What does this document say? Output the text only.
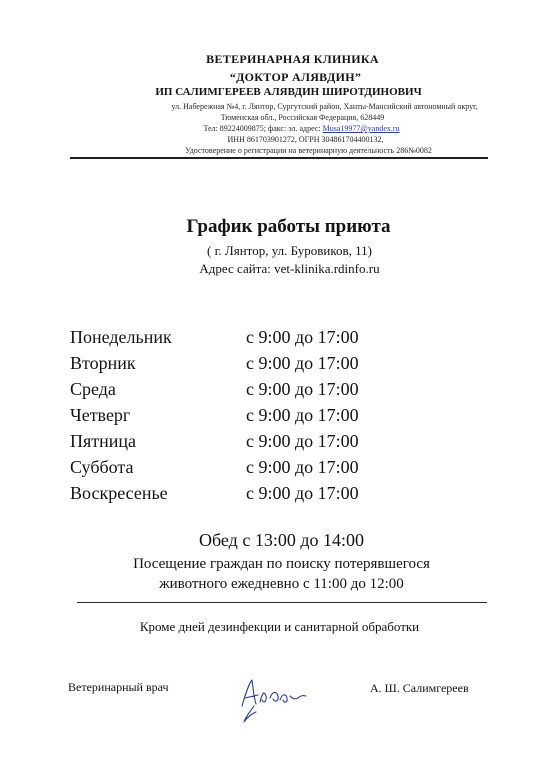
ВЕТЕРИНАРНАЯ КЛИНИКА
“ДОКТОР АЛЯВДИН”
ИП САЛИМГЕРЕЕВ АЛЯВДИН ШИРОТДИНОВИЧ
ул. Набережная №4, г. Лянтор, Сургутский район, Ханты-Мансийский автономный округ,
Тюменская обл., Российская Федерация, 628449
Тел: 89224009875; факс: эл. адрес: Musa19977@yandex.ru
ИНН 861703901272, ОГРН 304861704400132,
Удостоверение о регистрации на ветеринарную деятельность 286№0082
График работы приюта
( г. Лянтор, ул. Буровиков, 11)
Адрес сайта: vet-klinika.rdinfo.ru
Понедельник	с 9:00 до 17:00
Вторник	с 9:00 до 17:00
Среда	с 9:00 до 17:00
Четверг	с 9:00 до 17:00
Пятница	с 9:00 до 17:00
Суббота	с 9:00 до 17:00
Воскресенье	с 9:00 до 17:00
Обед с 13:00 до 14:00
Посещение граждан по поиску потерявшегося
животного ежедневно с 11:00 до 12:00
Кроме дней дезинфекции и санитарной обработки
Ветеринарный врач	А. Ш. Салимгереев
